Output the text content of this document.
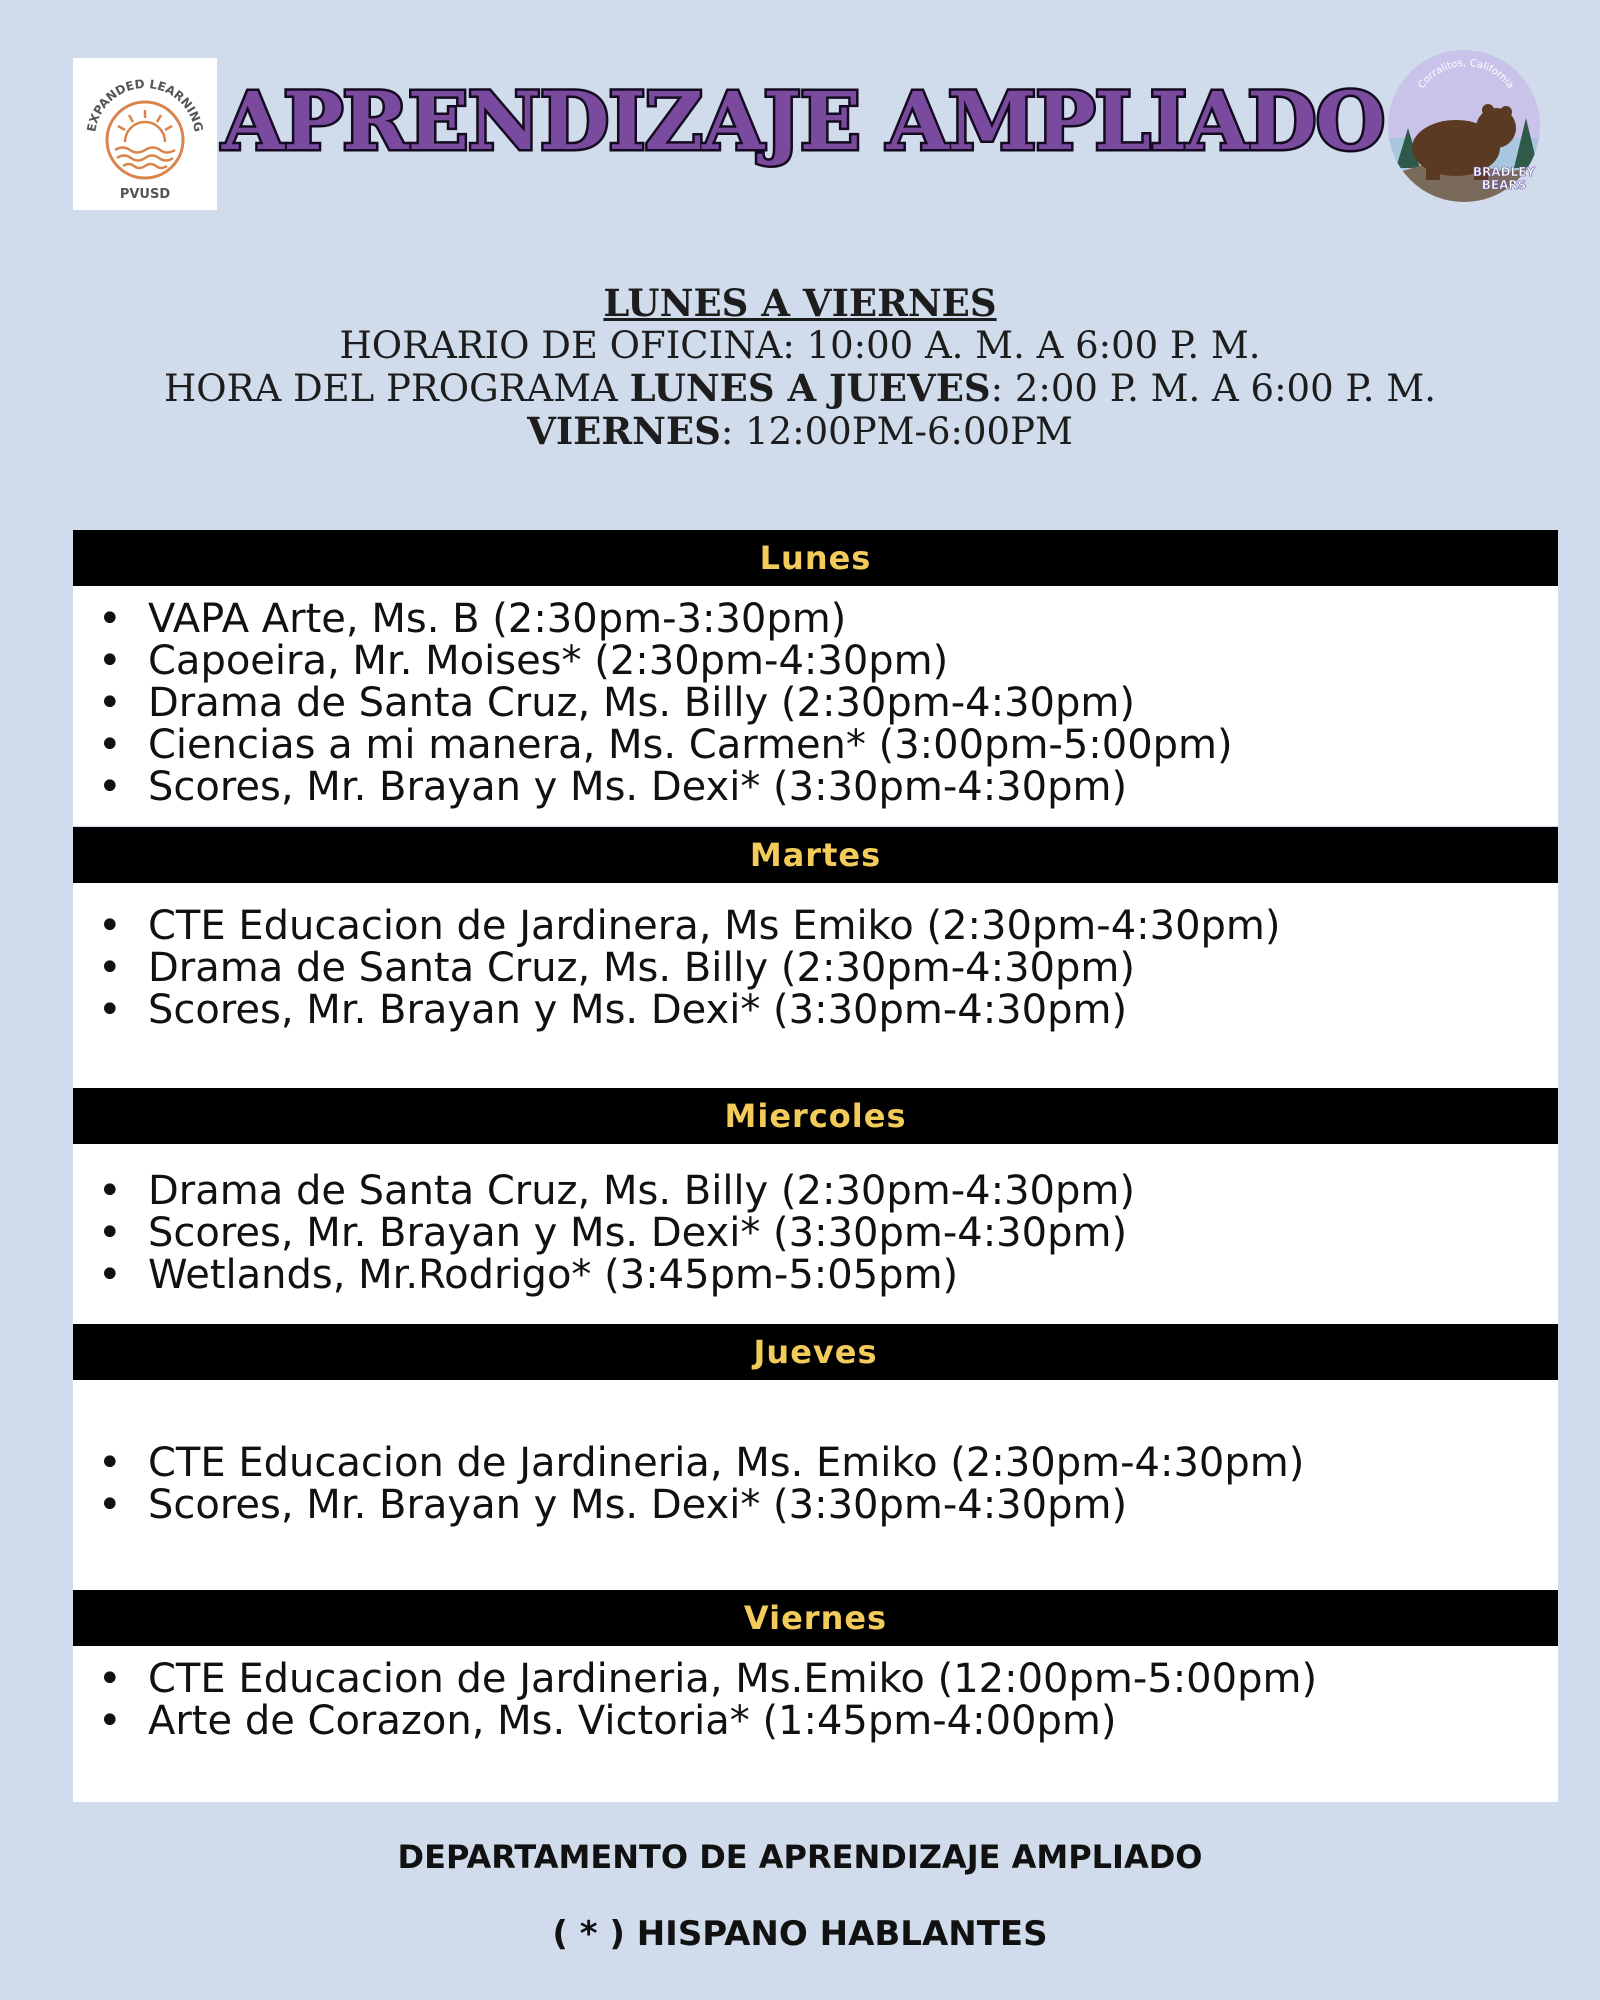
EXPANDED LEARNING
PVUSD
APRENDIZAJE AMPLIADO	Corralitos, California
BRADLEY
BEARS
LUNES A VIERNES
HORARIO DE OFICINA: 10:00 A. M. A 6:00 P. M.
HORA DEL PROGRAMA LUNES A JUEVES: 2:00 P. M. A 6:00 P. M.
VIERNES: 12:00PM-6:00PM
Lunes
• VAPA Arte, Ms. B (2:30pm-3:30pm)
• Capoeira, Mr. Moises* (2:30pm-4:30pm)
• Drama de Santa Cruz, Ms. Billy (2:30pm-4:30pm)
• Ciencias a mi manera, Ms. Carmen* (3:00pm-5:00pm)
• Scores, Mr. Brayan y Ms. Dexi* (3:30pm-4:30pm)
Martes
• CTE Educacion de Jardinera, Ms Emiko (2:30pm-4:30pm)
• Drama de Santa Cruz, Ms. Billy (2:30pm-4:30pm)
• Scores, Mr. Brayan y Ms. Dexi* (3:30pm-4:30pm)
Miercoles
• Drama de Santa Cruz, Ms. Billy (2:30pm-4:30pm)
• Scores, Mr. Brayan y Ms. Dexi* (3:30pm-4:30pm)
• Wetlands, Mr.Rodrigo* (3:45pm-5:05pm)
Jueves
• CTE Educacion de Jardineria, Ms. Emiko (2:30pm-4:30pm)
• Scores, Mr. Brayan y Ms. Dexi* (3:30pm-4:30pm)
Viernes
• CTE Educacion de Jardineria, Ms.Emiko (12:00pm-5:00pm)
• Arte de Corazon, Ms. Victoria* (1:45pm-4:00pm)
DEPARTAMENTO DE APRENDIZAJE AMPLIADO
( * ) HISPANO HABLANTES
